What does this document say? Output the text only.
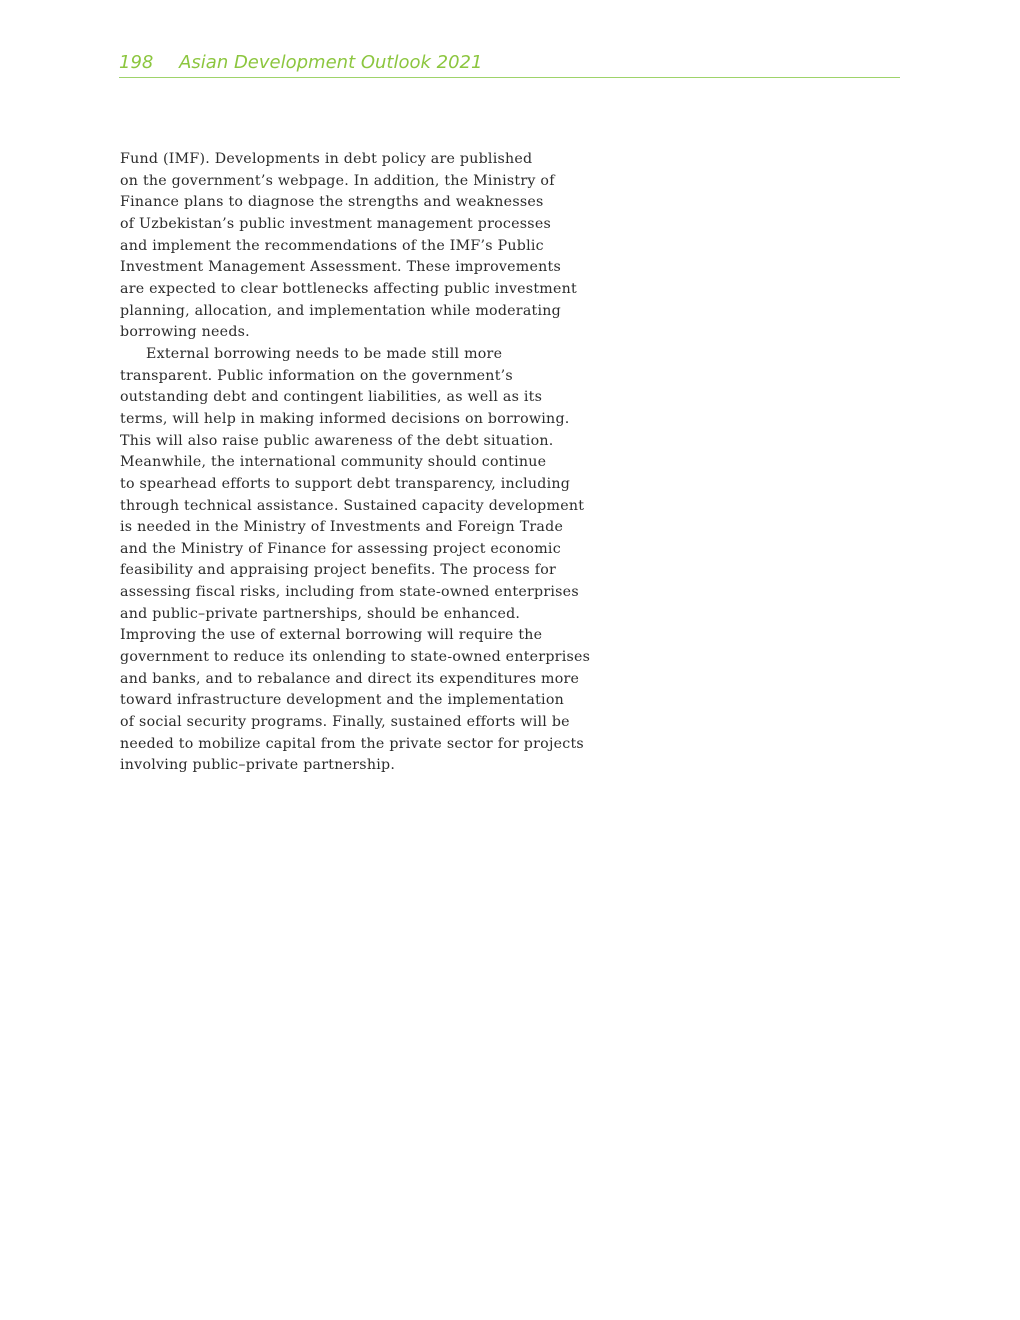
198 Asian Development Outlook 2021

Fund (IMF). Developments in debt policy are published
on the government’s webpage. In addition, the Ministry of
Finance plans to diagnose the strengths and weaknesses
of Uzbekistan’s public investment management processes
and implement the recommendations of the IMF’s Public
Investment Management Assessment. These improvements
are expected to clear bottlenecks affecting public investment
planning, allocation, and implementation while moderating
borrowing needs.

External borrowing needs to be made still more
transparent. Public information on the government’s
outstanding debt and contingent liabilities, as well as its
terms, will help in making informed decisions on borrowing.
This will also raise public awareness of the debt situation.
Meanwhile, the international community should continue
to spearhead efforts to support debt transparency, including
through technical assistance. Sustained capacity development
is needed in the Ministry of Investments and Foreign Trade
and the Ministry of Finance for assessing project economic
feasibility and appraising project benefits. The process for
assessing fiscal risks, including from state-owned enterprises
and public–private partnerships, should be enhanced.
Improving the use of external borrowing will require the
government to reduce its onlending to state-owned enterprises
and banks, and to rebalance and direct its expenditures more
toward infrastructure development and the implementation
of social security programs. Finally, sustained efforts will be
needed to mobilize capital from the private sector for projects
involving public–private partnership.
